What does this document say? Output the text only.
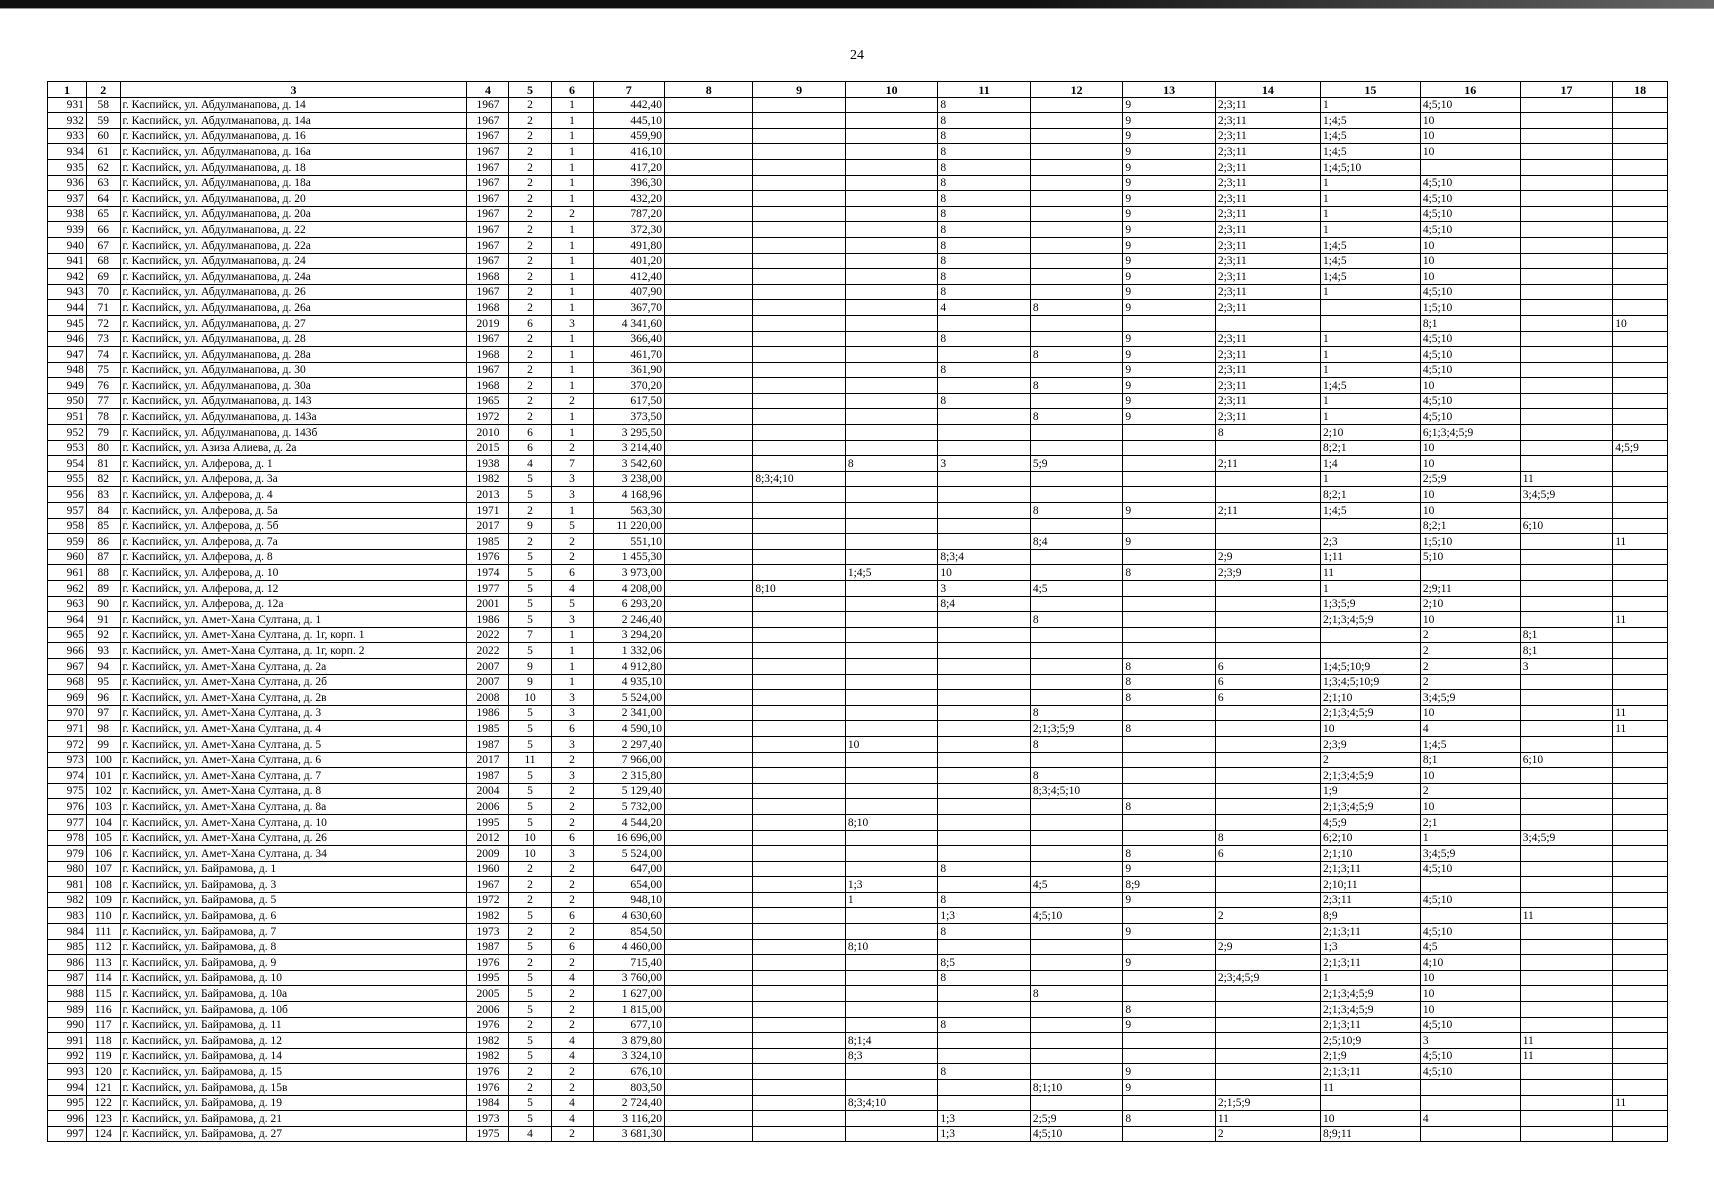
24
1	2	3	4	5	6	7	8	9	10	11	12	13	14	15	16	17	18
931	58	г. Каспийск, ул. Абдулманапова, д. 14	1967	2	1	442,40				8		9	2;3;11	1	4;5;10		
932	59	г. Каспийск, ул. Абдулманапова, д. 14а	1967	2	1	445,10				8		9	2;3;11	1;4;5	10		
933	60	г. Каспийск, ул. Абдулманапова, д. 16	1967	2	1	459,90				8		9	2;3;11	1;4;5	10		
934	61	г. Каспийск, ул. Абдулманапова, д. 16а	1967	2	1	416,10				8		9	2;3;11	1;4;5	10		
935	62	г. Каспийск, ул. Абдулманапова, д. 18	1967	2	1	417,20				8		9	2;3;11	1;4;5;10			
936	63	г. Каспийск, ул. Абдулманапова, д. 18а	1967	2	1	396,30				8		9	2;3;11	1	4;5;10		
937	64	г. Каспийск, ул. Абдулманапова, д. 20	1967	2	1	432,20				8		9	2;3;11	1	4;5;10		
938	65	г. Каспийск, ул. Абдулманапова, д. 20а	1967	2	2	787,20				8		9	2;3;11	1	4;5;10		
939	66	г. Каспийск, ул. Абдулманапова, д. 22	1967	2	1	372,30				8		9	2;3;11	1	4;5;10		
940	67	г. Каспийск, ул. Абдулманапова, д. 22а	1967	2	1	491,80				8		9	2;3;11	1;4;5	10		
941	68	г. Каспийск, ул. Абдулманапова, д. 24	1967	2	1	401,20				8		9	2;3;11	1;4;5	10		
942	69	г. Каспийск, ул. Абдулманапова, д. 24а	1968	2	1	412,40				8		9	2;3;11	1;4;5	10		
943	70	г. Каспийск, ул. Абдулманапова, д. 26	1967	2	1	407,90				8		9	2;3;11	1	4;5;10		
944	71	г. Каспийск, ул. Абдулманапова, д. 26а	1968	2	1	367,70				4	8	9	2;3;11		1;5;10		
945	72	г. Каспийск, ул. Абдулманапова, д. 27	2019	6	3	4 341,60									8;1		10
946	73	г. Каспийск, ул. Абдулманапова, д. 28	1967	2	1	366,40				8		9	2;3;11	1	4;5;10		
947	74	г. Каспийск, ул. Абдулманапова, д. 28а	1968	2	1	461,70					8	9	2;3;11	1	4;5;10		
948	75	г. Каспийск, ул. Абдулманапова, д. 30	1967	2	1	361,90				8		9	2;3;11	1	4;5;10		
949	76	г. Каспийск, ул. Абдулманапова, д. 30а	1968	2	1	370,20					8	9	2;3;11	1;4;5	10		
950	77	г. Каспийск, ул. Абдулманапова, д. 143	1965	2	2	617,50				8		9	2;3;11	1	4;5;10		
951	78	г. Каспийск, ул. Абдулманапова, д. 143а	1972	2	1	373,50					8	9	2;3;11	1	4;5;10		
952	79	г. Каспийск, ул. Абдулманапова, д. 143б	2010	6	1	3 295,50							8	2;10	6;1;3;4;5;9		
953	80	г. Каспийск, ул. Азиза Алиева, д. 2а	2015	6	2	3 214,40								8;2;1	10		4;5;9
954	81	г. Каспийск, ул. Алферова, д. 1	1938	4	7	3 542,60			8	3	5;9		2;11	1;4	10		
955	82	г. Каспийск, ул. Алферова, д. 3а	1982	5	3	3 238,00		8;3;4;10						1	2;5;9	11	
956	83	г. Каспийск, ул. Алферова, д. 4	2013	5	3	4 168,96								8;2;1	10	3;4;5;9	
957	84	г. Каспийск, ул. Алферова, д. 5а	1971	2	1	563,30					8	9	2;11	1;4;5	10		
958	85	г. Каспийск, ул. Алферова, д. 5б	2017	9	5	11 220,00									8;2;1	6;10	
959	86	г. Каспийск, ул. Алферова, д. 7а	1985	2	2	551,10					8;4	9		2;3	1;5;10		11
960	87	г. Каспийск, ул. Алферова, д. 8	1976	5	2	1 455,30				8;3;4			2;9	1;11	5;10		
961	88	г. Каспийск, ул. Алферова, д. 10	1974	5	6	3 973,00			1;4;5	10		8	2;3;9	11			
962	89	г. Каспийск, ул. Алферова, д. 12	1977	5	4	4 208,00		8;10		3	4;5			1	2;9;11		
963	90	г. Каспийск, ул. Алферова, д. 12а	2001	5	5	6 293,20				8;4				1;3;5;9	2;10		
964	91	г. Каспийск, ул. Амет-Хана Султана, д. 1	1986	5	3	2 246,40					8			2;1;3;4;5;9	10		11
965	92	г. Каспийск, ул. Амет-Хана Султана, д. 1г, корп. 1	2022	7	1	3 294,20									2	8;1	
966	93	г. Каспийск, ул. Амет-Хана Султана, д. 1г, корп. 2	2022	5	1	1 332,06									2	8;1	
967	94	г. Каспийск, ул. Амет-Хана Султана, д. 2а	2007	9	1	4 912,80						8	6	1;4;5;10;9	2	3	
968	95	г. Каспийск, ул. Амет-Хана Султана, д. 2б	2007	9	1	4 935,10						8	6	1;3;4;5;10;9	2		
969	96	г. Каспийск, ул. Амет-Хана Султана, д. 2в	2008	10	3	5 524,00						8	6	2;1;10	3;4;5;9		
970	97	г. Каспийск, ул. Амет-Хана Султана, д. 3	1986	5	3	2 341,00					8			2;1;3;4;5;9	10		11
971	98	г. Каспийск, ул. Амет-Хана Султана, д. 4	1985	5	6	4 590,10					2;1;3;5;9	8		10	4		11
972	99	г. Каспийск, ул. Амет-Хана Султана, д. 5	1987	5	3	2 297,40			10		8			2;3;9	1;4;5		
973	100	г. Каспийск, ул. Амет-Хана Султана, д. 6	2017	11	2	7 966,00								2	8;1	6;10	
974	101	г. Каспийск, ул. Амет-Хана Султана, д. 7	1987	5	3	2 315,80					8			2;1;3;4;5;9	10		
975	102	г. Каспийск, ул. Амет-Хана Султана, д. 8	2004	5	2	5 129,40					8;3;4;5;10			1;9	2		
976	103	г. Каспийск, ул. Амет-Хана Султана, д. 8а	2006	5	2	5 732,00						8		2;1;3;4;5;9	10		
977	104	г. Каспийск, ул. Амет-Хана Султана, д. 10	1995	5	2	4 544,20			8;10					4;5;9	2;1		
978	105	г. Каспийск, ул. Амет-Хана Султана, д. 26	2012	10	6	16 696,00							8	6;2;10	1	3;4;5;9	
979	106	г. Каспийск, ул. Амет-Хана Султана, д. 34	2009	10	3	5 524,00						8	6	2;1;10	3;4;5;9		
980	107	г. Каспийск, ул. Байрамова, д. 1	1960	2	2	647,00				8		9		2;1;3;11	4;5;10		
981	108	г. Каспийск, ул. Байрамова, д. 3	1967	2	2	654,00			1;3		4;5	8;9		2;10;11			
982	109	г. Каспийск, ул. Байрамова, д. 5	1972	2	2	948,10			1	8		9		2;3;11	4;5;10		
983	110	г. Каспийск, ул. Байрамова, д. 6	1982	5	6	4 630,60				1;3	4;5;10		2	8;9		11	
984	111	г. Каспийск, ул. Байрамова, д. 7	1973	2	2	854,50				8		9		2;1;3;11	4;5;10		
985	112	г. Каспийск, ул. Байрамова, д. 8	1987	5	6	4 460,00			8;10				2;9	1;3	4;5		
986	113	г. Каспийск, ул. Байрамова, д. 9	1976	2	2	715,40				8;5		9		2;1;3;11	4;10		
987	114	г. Каспийск, ул. Байрамова, д. 10	1995	5	4	3 760,00				8			2;3;4;5;9	1	10		
988	115	г. Каспийск, ул. Байрамова, д. 10а	2005	5	2	1 627,00					8			2;1;3;4;5;9	10		
989	116	г. Каспийск, ул. Байрамова, д. 10б	2006	5	2	1 815,00						8		2;1;3;4;5;9	10		
990	117	г. Каспийск, ул. Байрамова, д. 11	1976	2	2	677,10				8		9		2;1;3;11	4;5;10		
991	118	г. Каспийск, ул. Байрамова, д. 12	1982	5	4	3 879,80			8;1;4					2;5;10;9	3	11	
992	119	г. Каспийск, ул. Байрамова, д. 14	1982	5	4	3 324,10			8;3					2;1;9	4;5;10	11	
993	120	г. Каспийск, ул. Байрамова, д. 15	1976	2	2	676,10				8		9		2;1;3;11	4;5;10		
994	121	г. Каспийск, ул. Байрамова, д. 15в	1976	2	2	803,50					8;1;10	9		11			
995	122	г. Каспийск, ул. Байрамова, д. 19	1984	5	4	2 724,40			8;3;4;10				2;1;5;9				11
996	123	г. Каспийск, ул. Байрамова, д. 21	1973	5	4	3 116,20				1;3	2;5;9	8	11	10	4		
997	124	г. Каспийск, ул. Байрамова, д. 27	1975	4	2	3 681,30				1;3	4;5;10		2	8;9;11			
